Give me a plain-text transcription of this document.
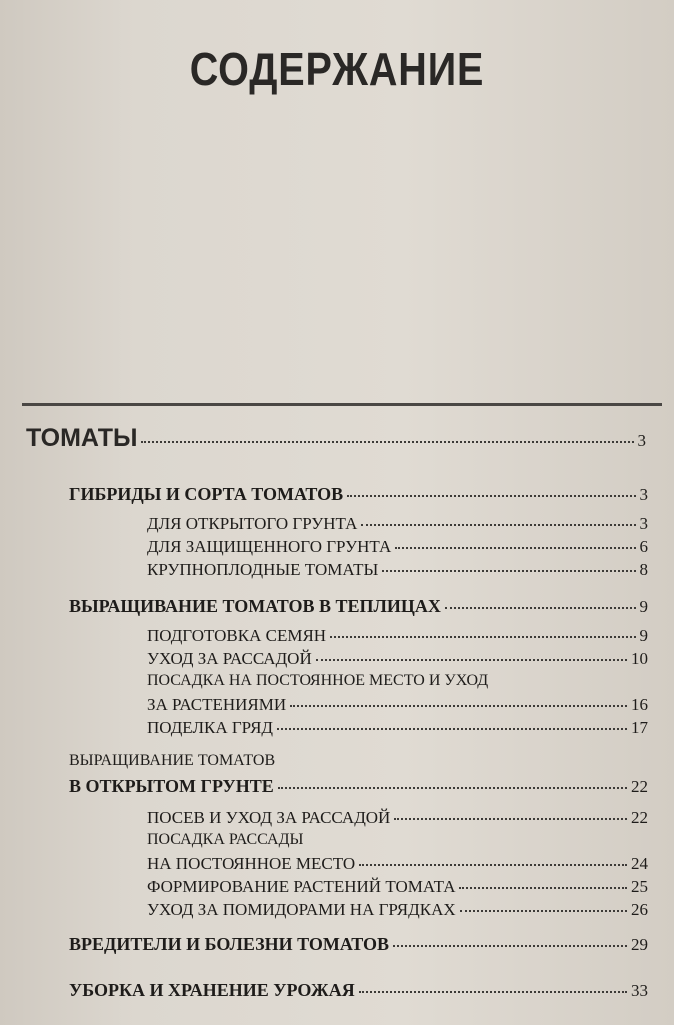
СОДЕРЖАНИЕ
ТОМАТЫ	3
ГИБРИДЫ И СОРТА ТОМАТОВ	3
ДЛЯ ОТКРЫТОГО ГРУНТА	3
ДЛЯ ЗАЩИЩЕННОГО ГРУНТА	6
КРУПНОПЛОДНЫЕ ТОМАТЫ	8
ВЫРАЩИВАНИЕ ТОМАТОВ В ТЕПЛИЦАХ	9
ПОДГОТОВКА СЕМЯН	9
УХОД ЗА РАССАДОЙ	10
ПОСАДКА НА ПОСТОЯННОЕ МЕСТО И УХОД
ЗА РАСТЕНИЯМИ	16
ПОДЕЛКА ГРЯД	17
ВЫРАЩИВАНИЕ ТОМАТОВ
В ОТКРЫТОМ ГРУНТЕ	22
ПОСЕВ И УХОД ЗА РАССАДОЙ	22
ПОСАДКА РАССАДЫ
НА ПОСТОЯННОЕ МЕСТО	24
ФОРМИРОВАНИЕ РАСТЕНИЙ ТОМАТА	25
УХОД ЗА ПОМИДОРАМИ НА ГРЯДКАХ	26
ВРЕДИТЕЛИ И БОЛЕЗНИ ТОМАТОВ	29
УБОРКА И ХРАНЕНИЕ УРОЖАЯ	33
